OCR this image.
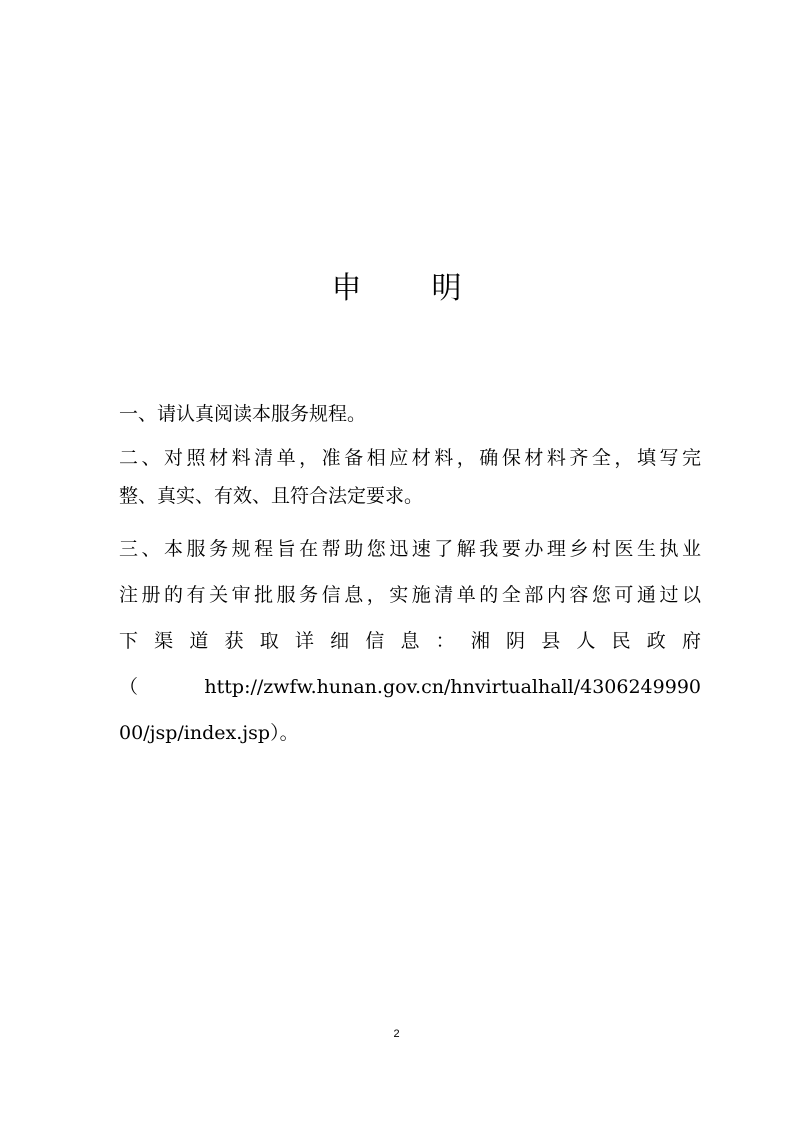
申 明
一、请认真阅读本服务规程。
二、对照材料清单，准备相应材料，确保材料齐全，填写完
整、真实、有效、且符合法定要求。
三、本服务规程旨在帮助您迅速了解我要办理乡村医生执业
注册的有关审批服务信息，实施清单的全部内容您可通过以
下渠道获取详细信息：湘阴县人民政府
（http://zwfw.hunan.gov.cn/hnvirtualhall/4306249990
00/jsp/index.jsp）。
2
